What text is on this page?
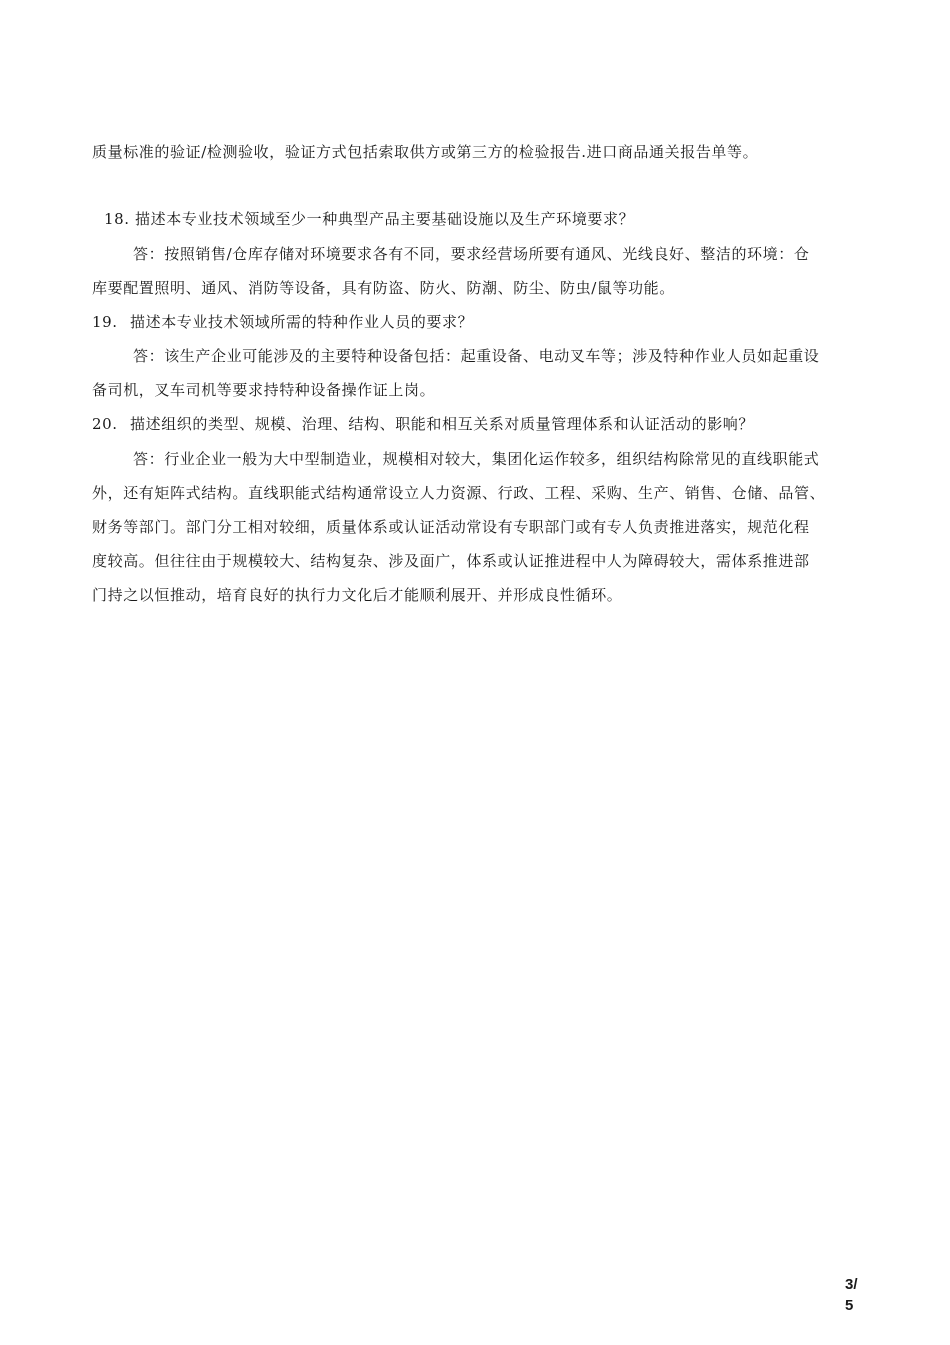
质量标准的验证/检测验收，验证方式包括索取供方或第三方的检验报告.进口商品通关报告单等。
18. 描述本专业技术领域至少一种典型产品主要基础设施以及生产环境要求？
答：按照销售/仓库存储对环境要求各有不同，要求经营场所要有通风、光线良好、整洁的环境：仓
库要配置照明、通风、消防等设备，具有防盗、防火、防潮、防尘、防虫/鼠等功能。
19. 描述本专业技术领域所需的特种作业人员的要求？
答：该生产企业可能涉及的主要特种设备包括：起重设备、电动叉车等；涉及特种作业人员如起重设
备司机，叉车司机等要求持特种设备操作证上岗。
20. 描述组织的类型、规模、治理、结构、职能和相互关系对质量管理体系和认证活动的影响？
答：行业企业一般为大中型制造业，规模相对较大，集团化运作较多，组织结构除常见的直线职能式
外，还有矩阵式结构。直线职能式结构通常设立人力资源、行政、工程、采购、生产、销售、仓储、品管、
财务等部门。部门分工相对较细，质量体系或认证活动常设有专职部门或有专人负责推进落实，规范化程
度较高。但往往由于规模较大、结构复杂、涉及面广，体系或认证推进程中人为障碍较大，需体系推进部
门持之以恒推动，培育良好的执行力文化后才能顺利展开、并形成良性循环。
3/
5
